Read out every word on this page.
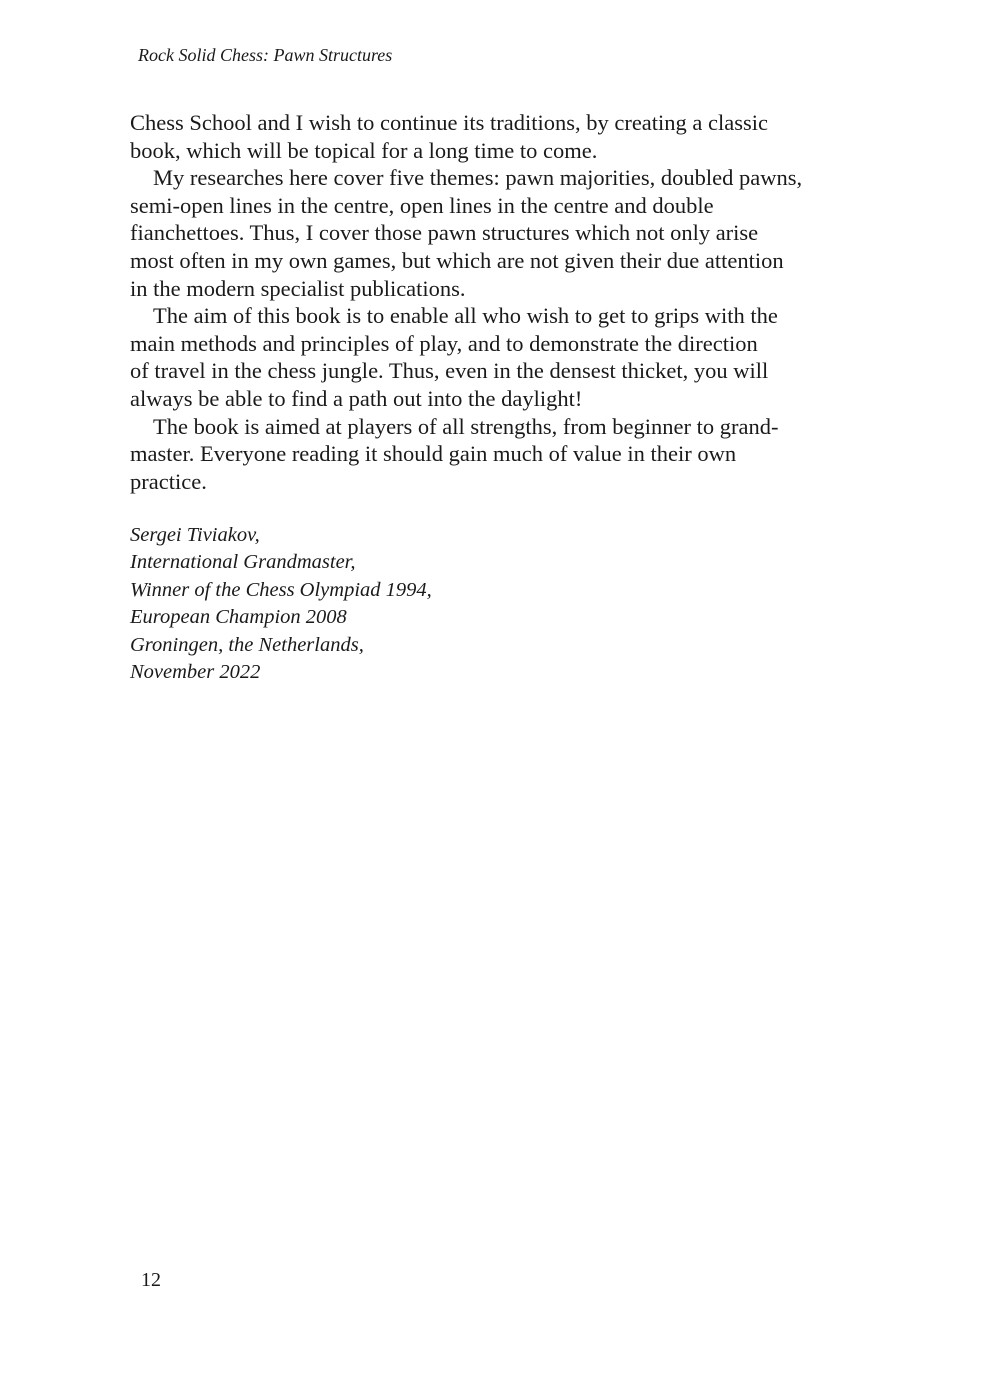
Rock Solid Chess: Pawn Structures
Chess School and I wish to continue its traditions, by creating a classic
book, which will be topical for a long time to come.
My researches here cover five themes: pawn majorities, doubled pawns,
semi-open lines in the centre, open lines in the centre and double
fianchettoes. Thus, I cover those pawn structures which not only arise
most often in my own games, but which are not given their due attention
in the modern specialist publications.
The aim of this book is to enable all who wish to get to grips with the
main methods and principles of play, and to demonstrate the direction
of travel in the chess jungle. Thus, even in the densest thicket, you will
always be able to find a path out into the daylight!
The book is aimed at players of all strengths, from beginner to grand-
master. Everyone reading it should gain much of value in their own
practice.
Sergei Tiviakov,
International Grandmaster,
Winner of the Chess Olympiad 1994,
European Champion 2008
Groningen, the Netherlands,
November 2022
12
